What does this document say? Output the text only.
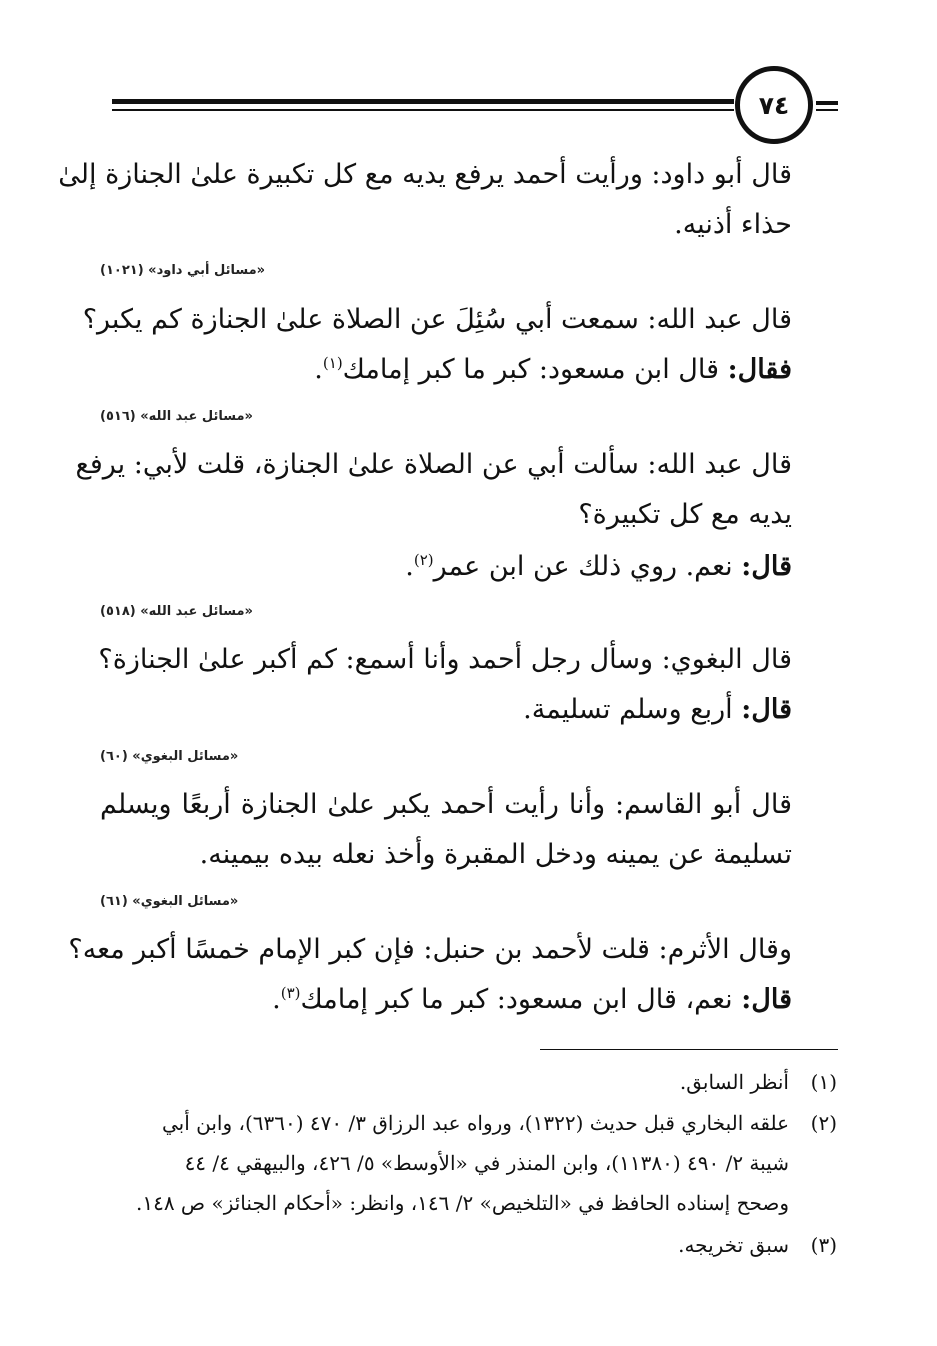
٧٤
قال أبو داود: ورأيت أحمد يرفع يديه مع كل تكبيرة علىٰ الجنازة إلىٰ
حذاء أذنيه.
«مسائل أبي داود» (١٠٢١)
قال عبد الله: سمعت أبي سُئِلَ عن الصلاة علىٰ الجنازة كم يكبر؟
فقال: قال ابن مسعود: كبر ما كبر إمامك$^{(١)}$.
«مسائل عبد الله» (٥١٦)
قال عبد الله: سألت أبي عن الصلاة علىٰ الجنازة، قلت لأبي: يرفع
يديه مع كل تكبيرة؟
قال: نعم. روي ذلك عن ابن عمر$^{(٢)}$.
«مسائل عبد الله» (٥١٨)
قال البغوي: وسأل رجل أحمد وأنا أسمع: كم أكبر علىٰ الجنازة؟
قال: أربع وسلم تسليمة.
«مسائل البغوي» (٦٠)
قال أبو القاسم: وأنا رأيت أحمد يكبر علىٰ الجنازة أربعًا ويسلم
تسليمة عن يمينه ودخل المقبرة وأخذ نعله بيده بيمينه.
«مسائل البغوي» (٦١)
وقال الأثرم: قلت لأحمد بن حنبل: فإن كبر الإمام خمسًا أكبر معه؟
قال: نعم، قال ابن مسعود: كبر ما كبر إمامك$^{(٣)}$.
(١)أنظر السابق.
(٢)علقه البخاري قبل حديث (١٣٢٢)، ورواه عبد الرزاق ٣/ ٤٧٠ (٦٣٦٠)، وابن أبي
شيبة ٢/ ٤٩٠ (١١٣٨٠)، وابن المنذر في «الأوسط» ٥/ ٤٢٦، والبيهقي ٤/ ٤٤
وصحح إسناده الحافظ في «التلخيص» ٢/ ١٤٦، وانظر: «أحكام الجنائز» ص ١٤٨.
(٣)سبق تخريجه.
